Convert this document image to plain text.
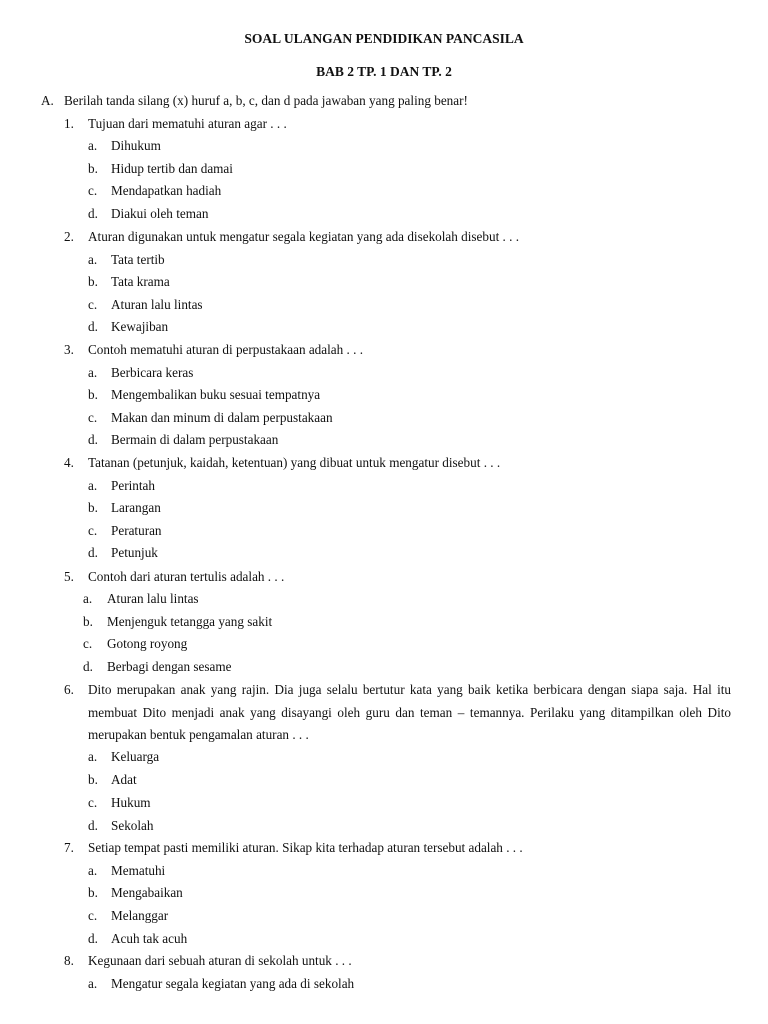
SOAL ULANGAN PENDIDIKAN PANCASILA
BAB 2 TP. 1 DAN TP. 2
A. Berilah tanda silang (x) huruf a, b, c, dan d pada jawaban yang paling benar!
1. Tujuan dari mematuhi aturan agar . . .
a. Dihukum
b. Hidup tertib dan damai
c. Mendapatkan hadiah
d. Diakui oleh teman
2. Aturan digunakan untuk mengatur segala kegiatan yang ada disekolah disebut . . .
a. Tata tertib
b. Tata krama
c. Aturan lalu lintas
d. Kewajiban
3. Contoh mematuhi aturan di perpustakaan adalah . . .
a. Berbicara keras
b. Mengembalikan buku sesuai tempatnya
c. Makan dan minum di dalam perpustakaan
d. Bermain di dalam perpustakaan
4. Tatanan (petunjuk, kaidah, ketentuan) yang dibuat untuk mengatur disebut . . .
a. Perintah
b. Larangan
c. Peraturan
d. Petunjuk
5. Contoh dari aturan tertulis adalah . . .
a. Aturan lalu lintas
b. Menjenguk tetangga yang sakit
c. Gotong royong
d. Berbagi dengan sesame
6. Dito merupakan anak yang rajin. Dia juga selalu bertutur kata yang baik ketika berbicara dengan siapa saja. Hal itu membuat Dito menjadi anak yang disayangi oleh guru dan teman – temannya. Perilaku yang ditampilkan oleh Dito merupakan bentuk pengamalan aturan . . .
a. Keluarga
b. Adat
c. Hukum
d. Sekolah
7. Setiap tempat pasti memiliki aturan. Sikap kita terhadap aturan tersebut adalah . . .
a. Mematuhi
b. Mengabaikan
c. Melanggar
d. Acuh tak acuh
8. Kegunaan dari sebuah aturan di sekolah untuk . . .
a. Mengatur segala kegiatan yang ada di sekolah
